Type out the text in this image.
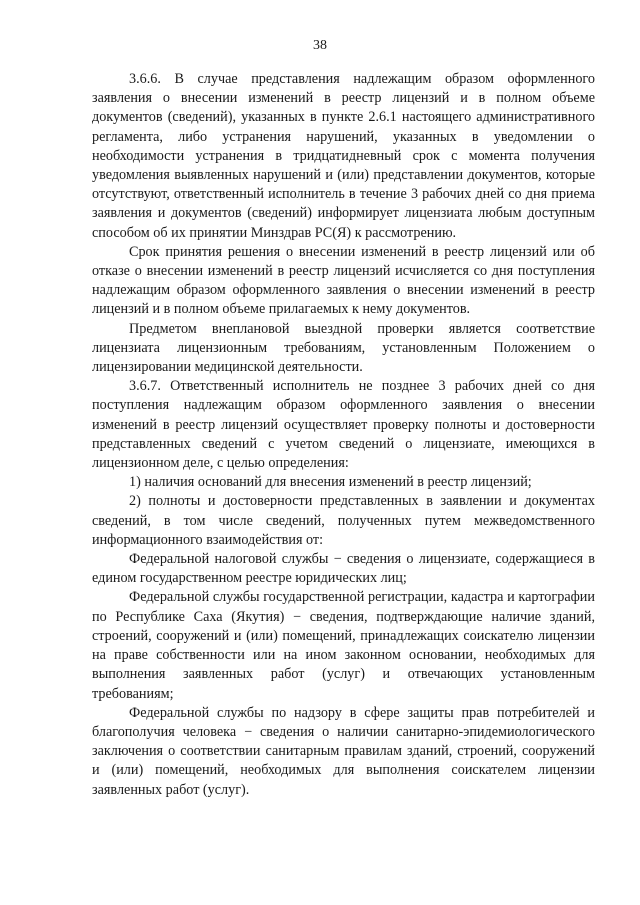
38

3.6.6. В случае представления надлежащим образом оформленного заявления о внесении изменений в реестр лицензий и в полном объеме документов (сведений), указанных в пункте 2.6.1 настоящего административного регламента, либо устранения нарушений, указанных в уведомлении о необходимости устранения в тридцатидневный срок с момента получения уведомления выявленных нарушений и (или) представлении документов, которые отсутствуют, ответственный исполнитель в течение 3 рабочих дней со дня приема заявления и документов (сведений) информирует лицензиата любым доступным способом об их принятии Минздрав РС(Я) к рассмотрению.

Срок принятия решения о внесении изменений в реестр лицензий или об отказе о внесении изменений в реестр лицензий исчисляется со дня поступления надлежащим образом оформленного заявления о внесении изменений в реестр лицензий и в полном объеме прилагаемых к нему документов.

Предметом внеплановой выездной проверки является соответствие лицензиата лицензионным требованиям, установленным Положением о лицензировании медицинской деятельности.

3.6.7. Ответственный исполнитель не позднее 3 рабочих дней со дня поступления надлежащим образом оформленного заявления о внесении изменений в реестр лицензий осуществляет проверку полноты и достоверности представленных сведений с учетом сведений о лицензиате, имеющихся в лицензионном деле, с целью определения:

1) наличия оснований для внесения изменений в реестр лицензий;

2) полноты и достоверности представленных в заявлении и документах сведений, в том числе сведений, полученных путем межведомственного информационного взаимодействия от:

Федеральной налоговой службы − сведения о лицензиате, содержащиеся в едином государственном реестре юридических лиц;

Федеральной службы государственной регистрации, кадастра и картографии по Республике Саха (Якутия) − сведения, подтверждающие наличие зданий, строений, сооружений и (или) помещений, принадлежащих соискателю лицензии на праве собственности или на ином законном основании, необходимых для выполнения заявленных работ (услуг) и отвечающих установленным требованиям;

Федеральной службы по надзору в сфере защиты прав потребителей и благополучия человека − сведения о наличии санитарно-эпидемиологического заключения о соответствии санитарным правилам зданий, строений, сооружений и (или) помещений, необходимых для выполнения соискателем лицензии заявленных работ (услуг).
